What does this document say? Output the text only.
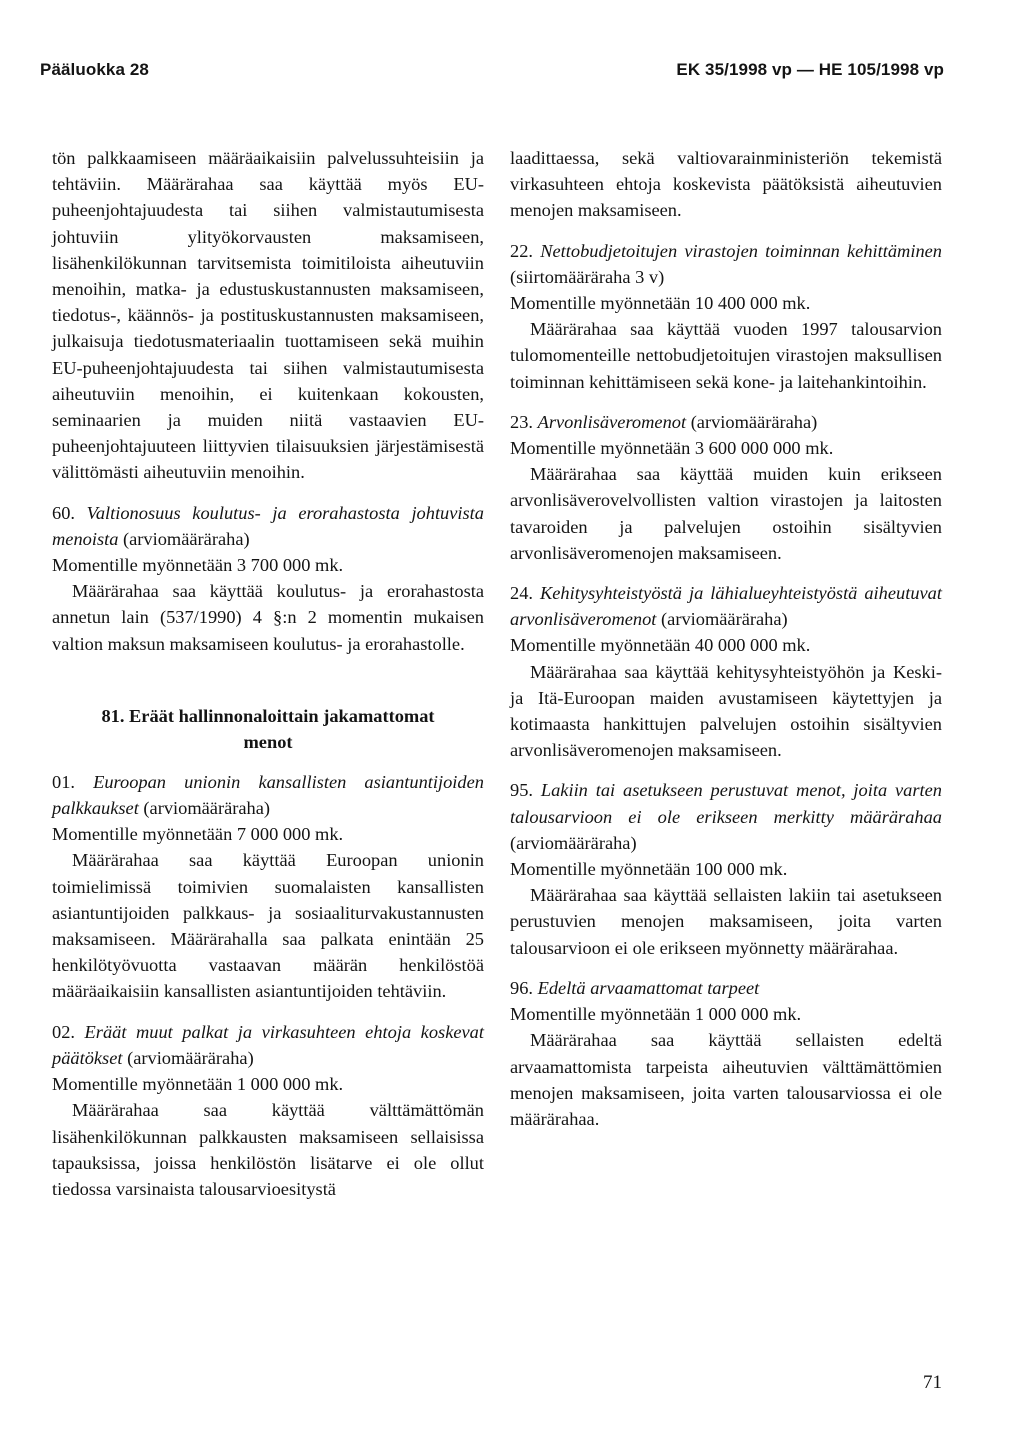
Pääluokka 28	EK 35/1998 vp — HE 105/1998 vp

tön palkkaamiseen määräaikaisiin palvelussuhteisiin ja tehtäviin. Määrärahaa saa käyttää myös EU-puheenjohtajuudesta tai siihen valmistautumisesta johtuviin ylityökorvausten maksamiseen, lisähenkilökunnan tarvitsemista toimitiloista aiheutuviin menoihin, matka- ja edustuskustannusten maksamiseen, tiedotus-, käännös- ja postituskustannusten maksamiseen, julkaisuja tiedotusmateriaalin tuottamiseen sekä muihin EU-puheenjohtajuudesta tai siihen valmistautumisesta aiheutuviin menoihin, ei kuitenkaan kokousten, seminaarien ja muiden niitä vastaavien EU-puheenjohtajuuteen liittyvien tilaisuuksien järjestämisestä välittömästi aiheutuviin menoihin.

60. Valtionosuus koulutus- ja erorahastosta johtuvista menoista (arviomääräraha)

Momentille myönnetään 3 700 000 mk.

Määrärahaa saa käyttää koulutus- ja erorahastosta annetun lain (537/1990) 4 §:n 2 momentin mukaisen valtion maksun maksamiseen koulutus- ja erorahastolle.

81. Eräät hallinnonaloittain jakamattomat
menot

01. Euroopan unionin kansallisten asiantuntijoiden palkkaukset (arviomääräraha)

Momentille myönnetään 7 000 000 mk.

Määrärahaa saa käyttää Euroopan unionin toimielimissä toimivien suomalaisten kansallisten asiantuntijoiden palkkaus- ja sosiaaliturvakustannusten maksamiseen. Määrärahalla saa palkata enintään 25 henkilötyövuotta vastaavan määrän henkilöstöä määräaikaisiin kansallisten asiantuntijoiden tehtäviin.

02. Eräät muut palkat ja virkasuhteen ehtoja koskevat päätökset (arviomääräraha)

Momentille myönnetään 1 000 000 mk.

Määrärahaa saa käyttää välttämättömän lisähenkilökunnan palkkausten maksamiseen sellaisissa tapauksissa, joissa henkilöstön lisätarve ei ole ollut tiedossa varsinaista talousarvioesitystä

laadittaessa, sekä valtiovarainministeriön tekemistä virkasuhteen ehtoja koskevista päätöksistä aiheutuvien menojen maksamiseen.

22. Nettobudjetoitujen virastojen toiminnan kehittäminen (siirtomääräraha 3 v)

Momentille myönnetään 10 400 000 mk.

Määrärahaa saa käyttää vuoden 1997 talousarvion tulomomenteille nettobudjetoitujen virastojen maksullisen toiminnan kehittämiseen sekä kone- ja laitehankintoihin.

23. Arvonlisäveromenot (arviomääräraha)

Momentille myönnetään 3 600 000 000 mk.

Määrärahaa saa käyttää muiden kuin erikseen arvonlisäverovelvollisten valtion virastojen ja laitosten tavaroiden ja palvelujen ostoihin sisältyvien arvonlisäveromenojen maksamiseen.

24. Kehitysyhteistyöstä ja lähialueyhteistyöstä aiheutuvat arvonlisäveromenot (arviomääräraha)

Momentille myönnetään 40 000 000 mk.

Määrärahaa saa käyttää kehitysyhteistyöhön ja Keski- ja Itä-Euroopan maiden avustamiseen käytettyjen ja kotimaasta hankittujen palvelujen ostoihin sisältyvien arvonlisäveromenojen maksamiseen.

95. Lakiin tai asetukseen perustuvat menot, joita varten talousarvioon ei ole erikseen merkitty määrärahaa (arviomääräraha)

Momentille myönnetään 100 000 mk.

Määrärahaa saa käyttää sellaisten lakiin tai asetukseen perustuvien menojen maksamiseen, joita varten talousarvioon ei ole erikseen myönnetty määrärahaa.

96. Edeltä arvaamattomat tarpeet

Momentille myönnetään 1 000 000 mk.

Määrärahaa saa käyttää sellaisten edeltä arvaamattomista tarpeista aiheutuvien välttämättömien menojen maksamiseen, joita varten talousarviossa ei ole määrärahaa.

71
